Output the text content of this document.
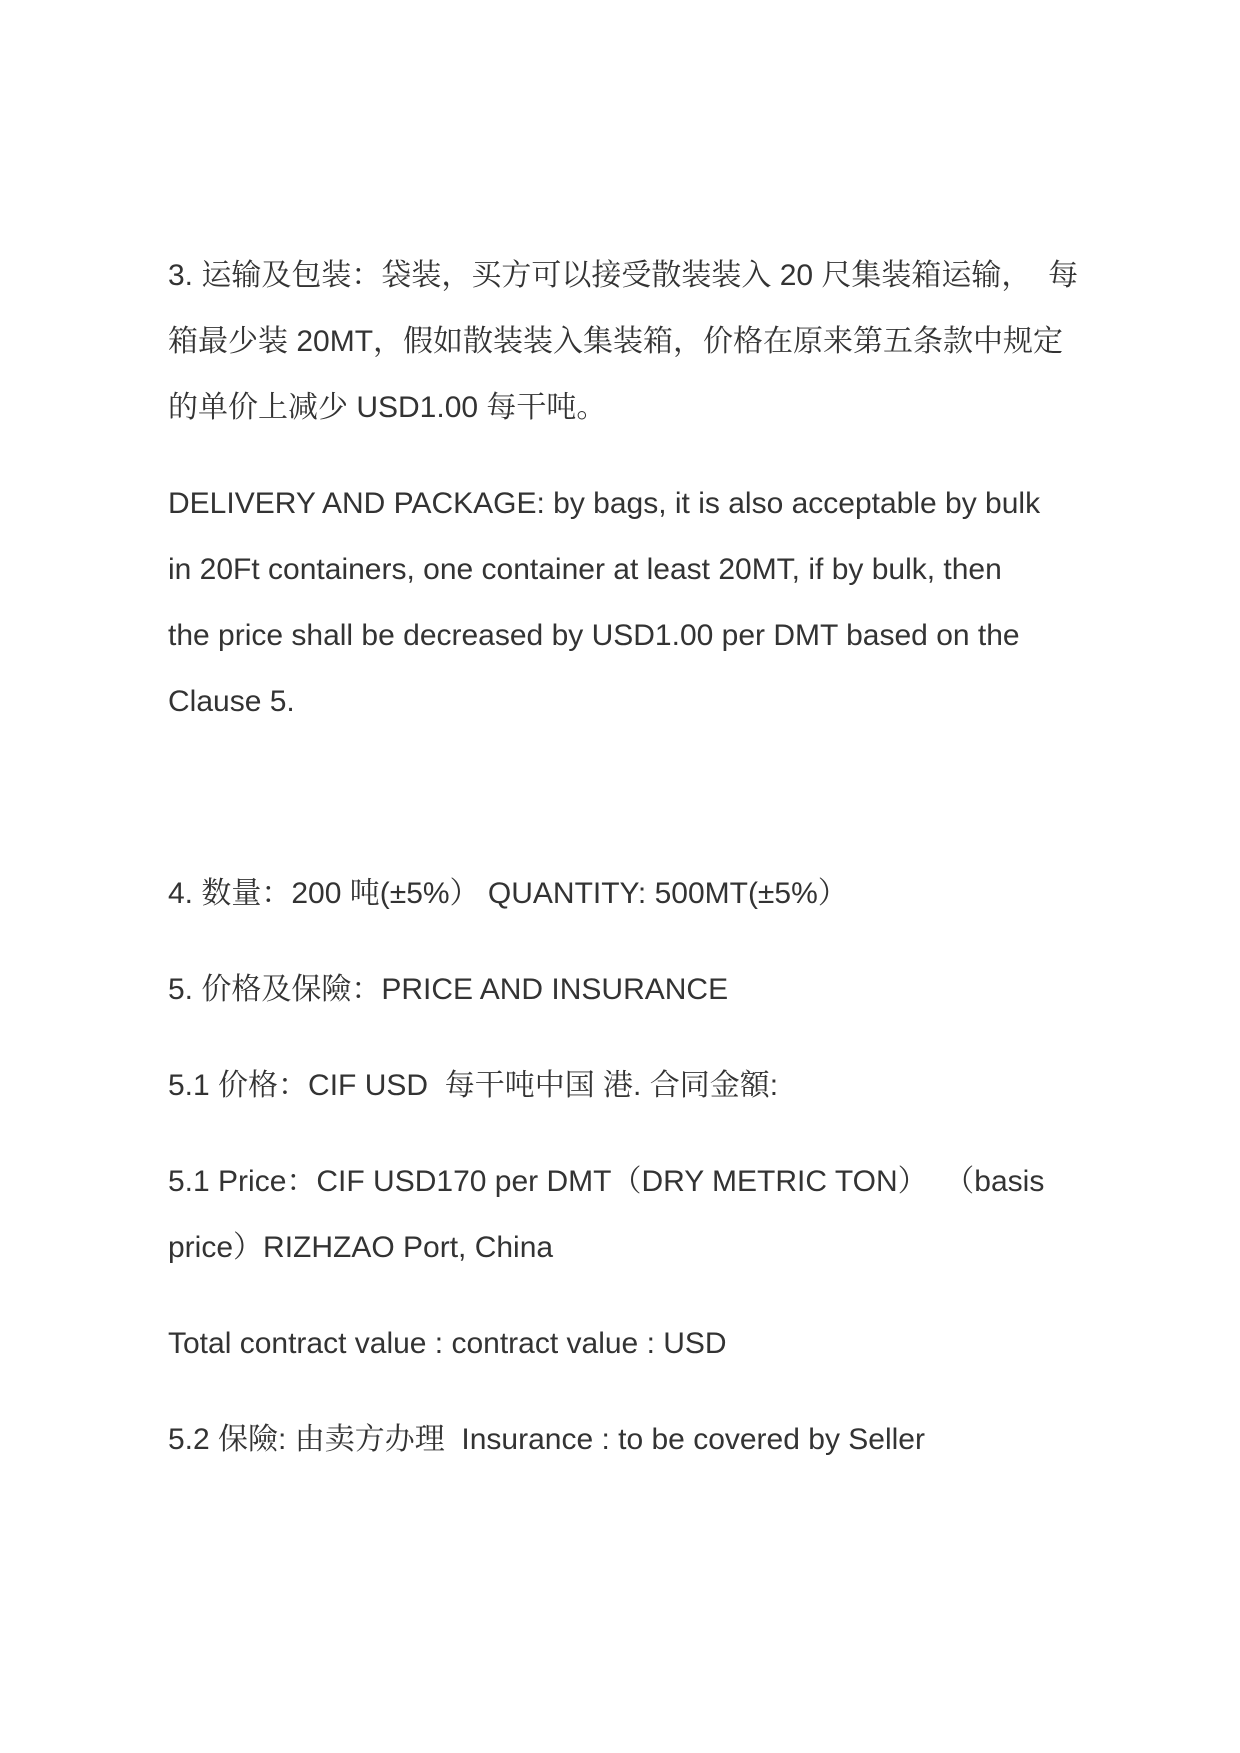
3. 运输及包装：袋装，买方可以接受散装装入 20 尺集装箱运输，  每
箱最少装 20MT，假如散装装入集装箱，价格在原来第五条款中规定
的单价上减少 USD1.00 每干吨。

DELIVERY AND PACKAGE: by bags, it is also acceptable by bulk
in 20Ft containers, one container at least 20MT, if by bulk, then
the price shall be decreased by USD1.00 per DMT based on the
Clause 5.

4. 数量：200 吨(±5%） QUANTITY: 500MT(±5%）

5. 价格及保險：PRICE AND INSURANCE

5.1 价格：CIF USD  每干吨中国 港. 合同金額:

5.1 Price：CIF USD170 per DMT（DRY METRIC TON）  （basis
price）RIZHZAO Port, China

Total contract value : contract value : USD

5.2 保險: 由卖方办理  Insurance : to be covered by Seller
